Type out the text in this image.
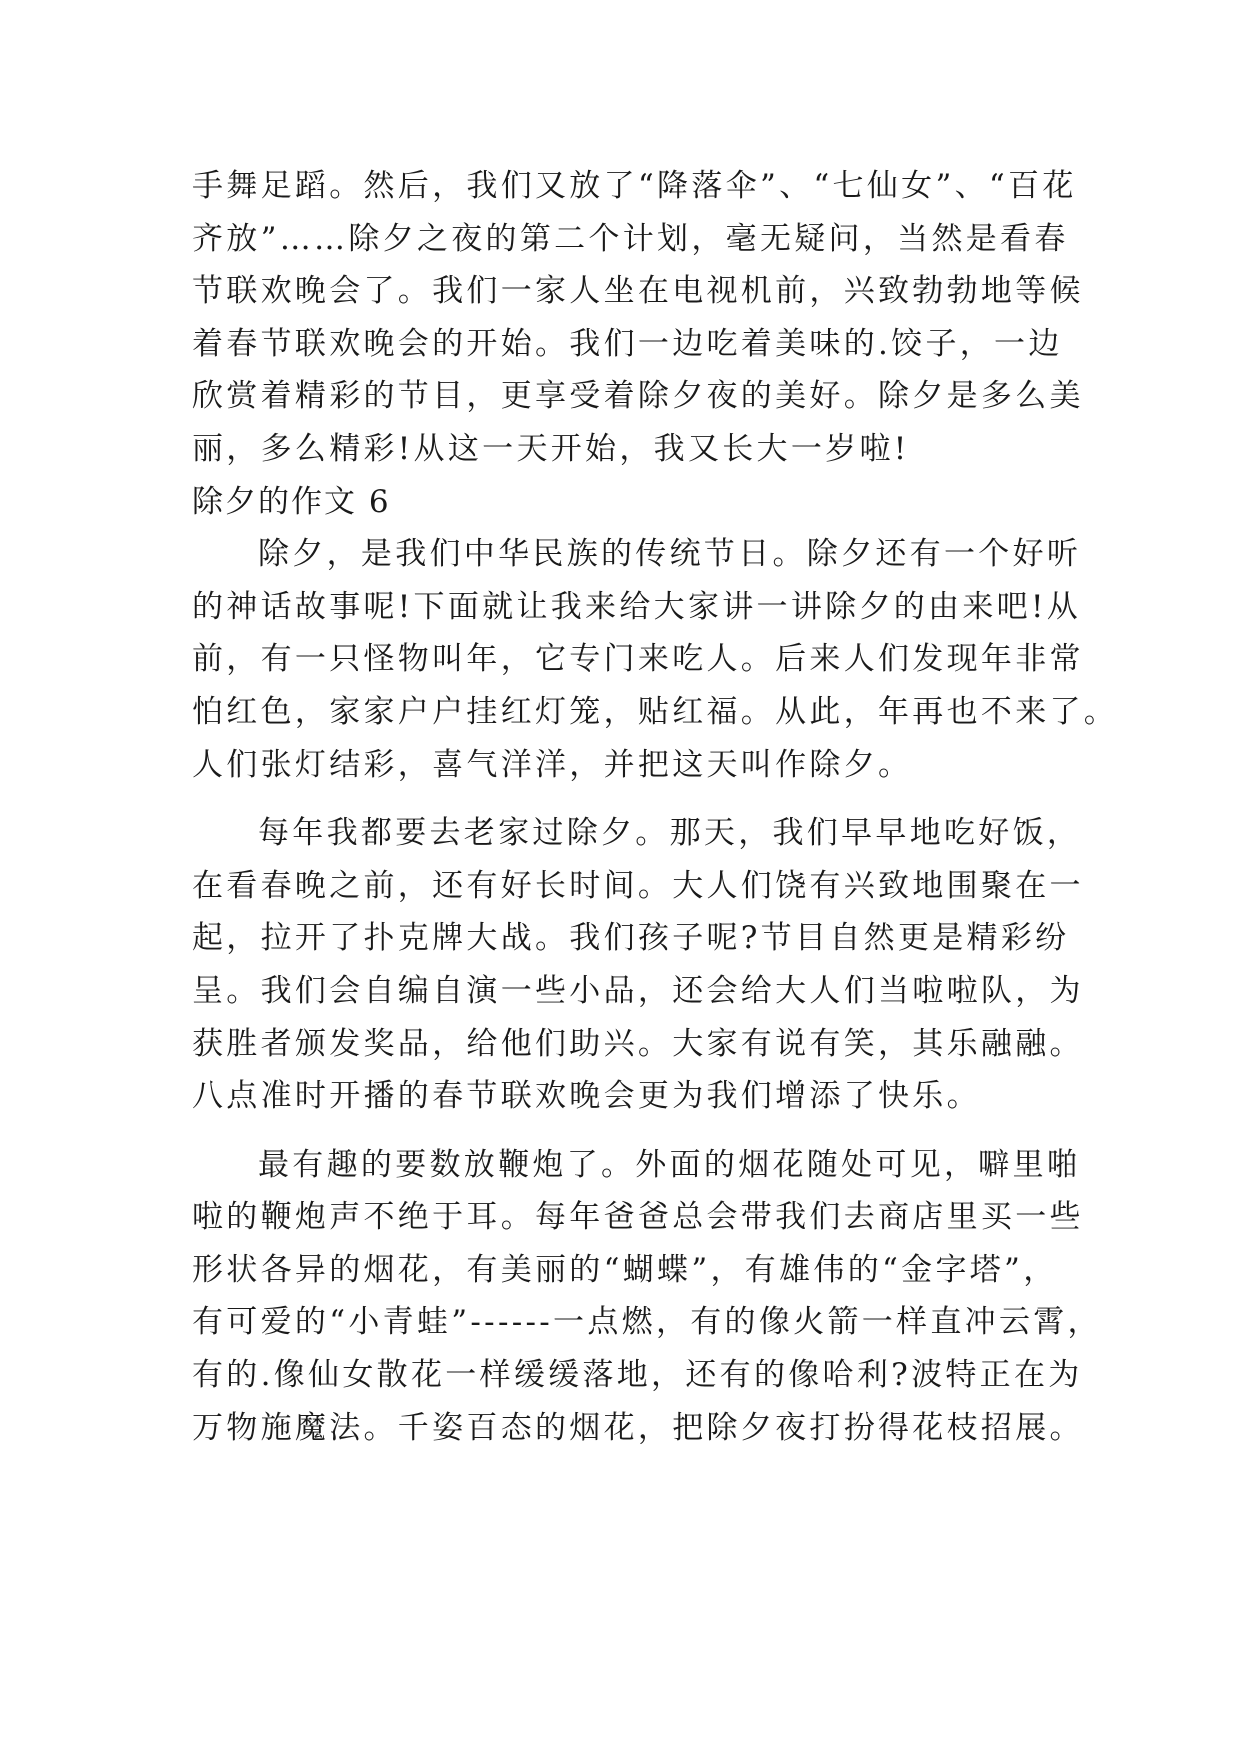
手舞足蹈。然后，我们又放了“降落伞”、“七仙女”、“百花
齐放”……除夕之夜的第二个计划，毫无疑问，当然是看春
节联欢晚会了。我们一家人坐在电视机前，兴致勃勃地等候
着春节联欢晚会的开始。我们一边吃着美味的.饺子，一边
欣赏着精彩的节目，更享受着除夕夜的美好。除夕是多么美
丽，多么精彩!从这一天开始，我又长大一岁啦!
除夕的作文 6
除夕，是我们中华民族的传统节日。除夕还有一个好听
的神话故事呢!下面就让我来给大家讲一讲除夕的由来吧!从
前，有一只怪物叫年，它专门来吃人。后来人们发现年非常
怕红色，家家户户挂红灯笼，贴红福。从此，年再也不来了。
人们张灯结彩，喜气洋洋，并把这天叫作除夕。
每年我都要去老家过除夕。那天，我们早早地吃好饭，
在看春晚之前，还有好长时间。大人们饶有兴致地围聚在一
起，拉开了扑克牌大战。我们孩子呢?节目自然更是精彩纷
呈。我们会自编自演一些小品，还会给大人们当啦啦队，为
获胜者颁发奖品，给他们助兴。大家有说有笑，其乐融融。
八点准时开播的春节联欢晚会更为我们增添了快乐。
最有趣的要数放鞭炮了。外面的烟花随处可见，噼里啪
啦的鞭炮声不绝于耳。每年爸爸总会带我们去商店里买一些
形状各异的烟花，有美丽的“蝴蝶”，有雄伟的“金字塔”，
有可爱的“小青蛙”------一点燃，有的像火箭一样直冲云霄，
有的.像仙女散花一样缓缓落地，还有的像哈利?波特正在为
万物施魔法。千姿百态的烟花，把除夕夜打扮得花枝招展。
